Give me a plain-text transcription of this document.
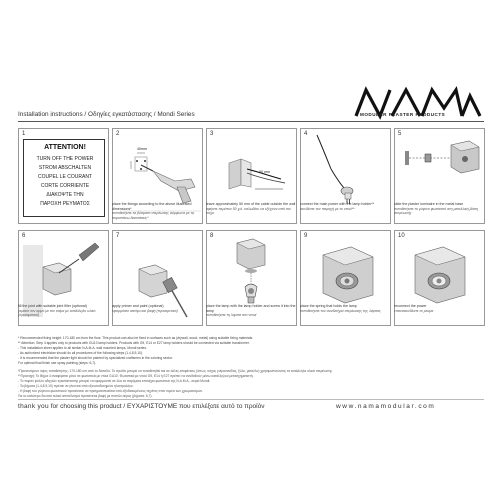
MODULAR PLASTER PRODUCTS
Installation instructions / Οδηγίες εγκατάστασης / Mondi Series
1
ATTENTION!
TURN OFF THE POWER
STROM ABSCHALTEN
COUPEL LE COURANT
CORTE CORRIENTE
ΔΙΑΚΟΨΤΕ ΤΗΝ
ΠΑΡΟΧΗ ΡΕΥΜΑΤΟΣ
2
40mm
3
50 mm
4	5
6	7	8	9	10
place the fixings according to the above illustrated dimensions*
τοποθετήστε τα βύσματα στερέωσης σύμφωνα με τις παραπάνω διαστάσεις*
leave approximately 50 mm of the cable outside the wall
αφήστε περίπου 50 χιλ. καλωδίου να εξέχουν από τον τοίχο
connect the main power with the lamp holder**
συνδέστε τον παροχή με το ντουί**
slide the plaster luminaire in the metal base
τοποθετήστε το γύψινο φωτιστικό στη μεταλλική βάση στερέωσής
fill the joint with suitable joint filler (optional)
γεμίστε τον αρμό με τον τσίμα με κατάλληλο υλικό (προαιρετικό)
apply primer and paint (optional)
εφαρμόστε αστάρι και βαφή (προαιρετικό)
place the lamp with the lamp holder and screw it into the lamp
τοποθετήστε τη λάμπα στο ντουί
place the spring that holds the lamp
τοποθετήστε τον συνδετήρα στερέωσης της λάμπας
reconnect the power
επανασυνδέστε το ρεύμα
* Recommended fixing height: 170-180 cm from the floor. This product can also be fixed in surfaces such as (drywall, wood, metal) using suitable fixing materials.
** Attention: Step 4 applies only to products with GU10 lamp holders. Products with G9, E14 or E27 lamp holders should be connected via suitable transformer.
- This installation sheet applies to all similar N.A.M.A. wall mounted lamps, Mondi series.
- As authorized electrician should do all procedures of the following steps (1,4,8,9,10).
- It is recommended that the plaster light should be painted by specialized craftsmen in the coloring sector.
For optimal final finish use spray painting (steps: 6,7).
*Προτεινόμενο ύψος τοποθέτησης: 170-180 cm από το δάπεδο. Το προϊόν μπορεί να τοποθετηθεί και σε άλλες επιφάνειες (όπως: τοίχος γυψοσανίδας, ξύλο, μέταλλο) χρησιμοποιώντας τα κατάλληλα υλικά στερέωσης.
**Προσοχή: Το Βήμα 4 αναφέρεται μόνο σε φωτιστικά με ντουί GU10. Φωτιστικά με ντουί G9, E14 ή E27 πρέπει να συνδεθούν μέσω κατάλληλου μετασχηματιστή.
- Το παρόν φύλλο οδηγιών εγκατάστασης μπορεί να εφαρμοστεί σε όλα τα παρόμοια επιτοίχια φωτιστικά της N.A.M.A., σειρά Mondi.
- Τα βήματα (1,4,8,9,10) πρέπει να γίνονται από εξουσιοδοτημένο ηλεκτρολόγο.
- Η βαφή του γύψινου φωτιστικού προτείνεται να πραγματοποιείται από εξειδικευμένους τεχνίτες στον τομέα των χρωματισμών.
Για το καλύτερο δυνατό τελικό αποτέλεσμα προτείνεται βαφή με πιστόλι αέρος (βήματα: 6,7).
thank you for choosing this product / ΕΥΧΑΡΙΣΤΟΥΜΕ που επιλέξατε αυτό το προϊόν	www.namamodular.com
